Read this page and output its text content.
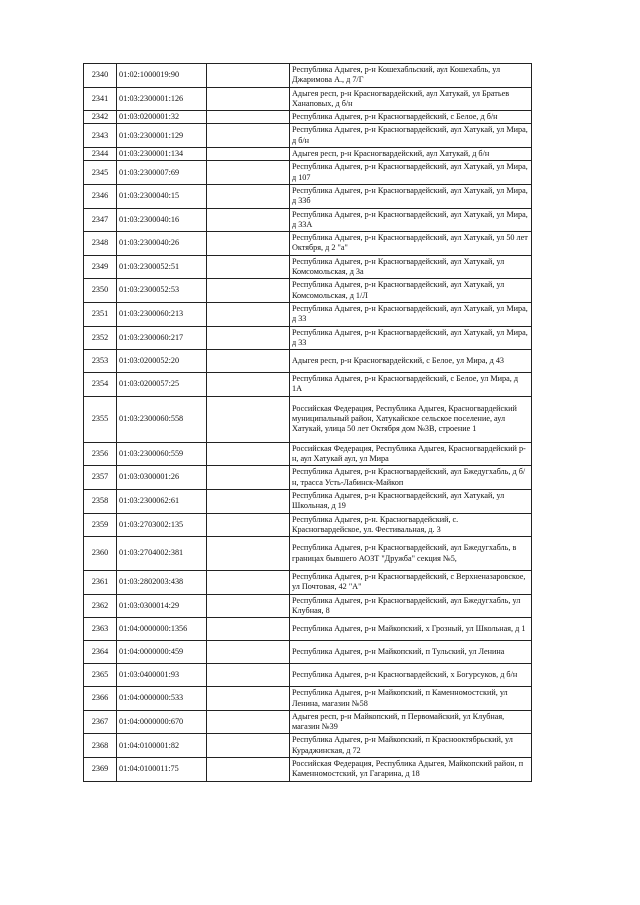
2340	01:02:1000019:90		Республика Адыгея, р-н Кошехабльский, аул Кошехабль, ул Джаримова А., д 7/Г
2341	01:03:2300001:126		Адыгея респ, р-н Красногвардейский, аул Хатукай, ул Братьев Ханаповых, д б/н
2342	01:03:0200001:32		Республика Адыгея, р-н Красногвардейский, с Белое, д б/н
2343	01:03:2300001:129		Республика Адыгея, р-н Красногвардейский, аул Хатукай, ул Мира, д б/н
2344	01:03:2300001:134		Адыгея респ, р-н Красногвардейский, аул Хатукай, д б/н
2345	01:03:2300007:69		Республика Адыгея, р-н Красногвардейский, аул Хатукай, ул Мира, д 107
2346	01:03:2300040:15		Республика Адыгея, р-н Красногвардейский, аул Хатукай, ул Мира, д 33б
2347	01:03:2300040:16		Республика Адыгея, р-н Красногвардейский, аул Хатукай, ул Мира, д 33А
2348	01:03:2300040:26		Республика Адыгея, р-н Красногвардейский, аул Хатукай, ул 50 лет Октября, д 2 "а"
2349	01:03:2300052:51		Республика Адыгея, р-н Красногвардейский, аул Хатукай, ул Комсомольская, д 3а
2350	01:03:2300052:53		Республика Адыгея, р-н Красногвардейский, аул Хатукай, ул Комсомольская, д 1/Л
2351	01:03:2300060:213		Республика Адыгея, р-н Красногвардейский, аул Хатукай, ул Мира, д 33
2352	01:03:2300060:217		Республика Адыгея, р-н Красногвардейский, аул Хатукай, ул Мира, д 33
2353	01:03:0200052:20		Адыгея респ, р-н Красногвардейский, с Белое, ул Мира, д 43
2354	01:03:0200057:25		Республика Адыгея, р-н Красногвардейский, с Белое, ул Мира, д 1А
2355	01:03:2300060:558		Российская Федерация, Республика Адыгея, Красногвардейский муниципальный район, Хатукайское сельское поселение, аул Хатукай, улица 50 лет Октября дом №3В, строение 1
2356	01:03:2300060:559		Российская Федерация, Республика Адыгея, Красногвардейский р-н, аул Хатукай аул, ул Мира
2357	01:03:0300001:26		Республика Адыгея, р-н Красногвардейский, аул Бжедугхабль, д б/н, трасса Усть-Лабинск-Майкоп
2358	01:03:2300062:61		Республика Адыгея, р-н Красногвардейский, аул Хатукай, ул Школьная, д 19
2359	01:03:2703002:135		Республика Адыгея, р-н. Красногвардейский, с. Красногвардейское, ул. Фестивальная, д. 3
2360	01:03:2704002:381		Республика Адыгея, р-н Красногвардейский, аул Бжедугхабль, в границах бывшего АОЗТ "Дружба" секция №5,
2361	01:03:2802003:438		Республика Адыгея, р-н Красногвардейский, с Верхненазаровское, ул Почтовая, 42 "А"
2362	01:03:0300014:29		Республика Адыгея, р-н Красногвардейский, аул Бжедугхабль, ул Клубная, 8
2363	01:04:0000000:1356		Республика Адыгея, р-н Майкопский, х Грозный, ул Школьная, д 1
2364	01:04:0000000:459		Республика Адыгея, р-н Майкопский, п Тульский, ул Ленина
2365	01:03:0400001:93		Республика Адыгея, р-н Красногвардейский, х Богурсуков, д б/н
2366	01:04:0000000:533		Республика Адыгея, р-н Майкопский, п Каменномостский, ул Ленина, магазин №58
2367	01:04:0000000:670		Адыгея респ, р-н Майкопский, п Первомайский, ул Клубная, магазин №39
2368	01:04:0100001:82		Республика Адыгея, р-н Майкопский, п Краснооктябрьский, ул Кураджинская, д 72
2369	01:04:0100011:75		Российская Федерация, Республика Адыгея, Майкопский район, п Каменномостский, ул Гагарина, д 18
